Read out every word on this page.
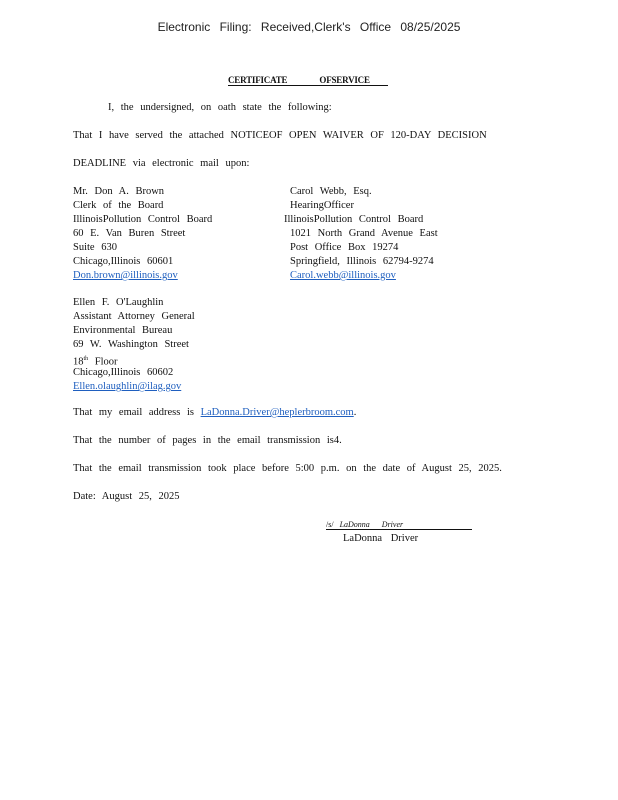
Electronic Filing: Received,Clerk's Office 08/25/2025
CERTIFICATE	OFSERVICE
I, the undersigned, on oath state the following:
That I have served the attached NOTICEOF OPEN WAIVER OF 120-DAY DECISION
DEADLINE via electronic mail upon:
Mr. Don A. Brown
Clerk of the Board
IllinoisPollution Control Board
60 E. Van Buren Street
Suite 630
Chicago,Illinois 60601
Don.brown@illinois.gov
Carol Webb, Esq.
HearingOfficer
IllinoisPollution Control Board
1021 North Grand Avenue East
Post Office Box 19274
Springfield, Illinois 62794-9274
Carol.webb@illinois.gov
Ellen F. O'Laughlin
Assistant Attorney General
Environmental Bureau
69 W. Washington Street
18th Floor
Chicago,Illinois 60602
Ellen.olaughlin@ilag.gov
That my email address is LaDonna.Driver@heplerbroom.com.
That the number of pages in the email transmission is4.
That the email transmission took place before 5:00 p.m. on the date of August 25, 2025.
Date: August 25, 2025
/s/ LaDonna Driver
LaDonna Driver
